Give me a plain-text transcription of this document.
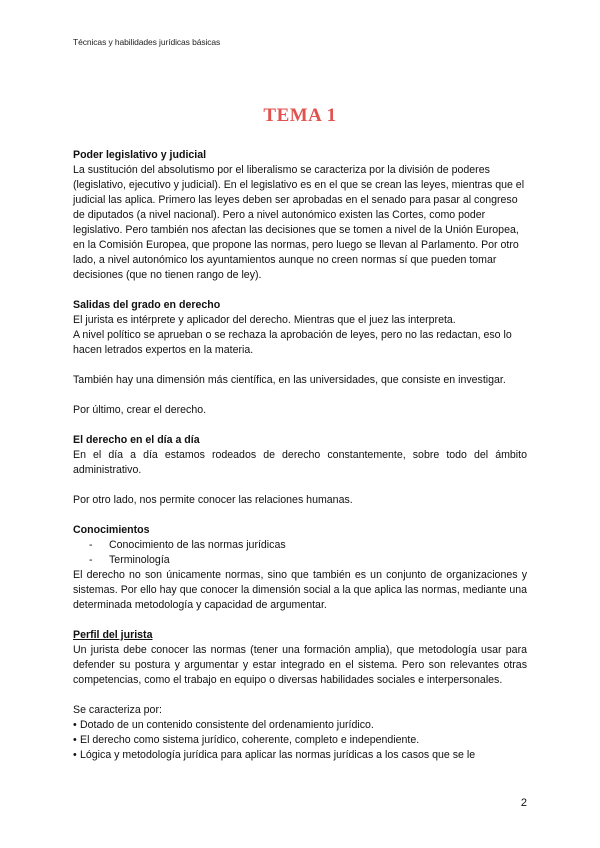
Técnicas y habilidades jurídicas básicas
TEMA 1

Poder legislativo y judicial

La sustitución del absolutismo por el liberalismo se caracteriza por la división de poderes (legislativo, ejecutivo y judicial). En el legislativo es en el que se crean las leyes, mientras que el judicial las aplica. Primero las leyes deben ser aprobadas en el senado para pasar al congreso de diputados (a nivel nacional). Pero a nivel autonómico existen las Cortes, como poder legislativo. Pero también nos afectan las decisiones que se tomen a nivel de la Unión Europea, en la Comisión Europea, que propone las normas, pero luego se llevan al Parlamento. Por otro lado, a nivel autonómico los ayuntamientos aunque no creen normas sí que pueden tomar decisiones (que no tienen rango de ley).

Salidas del grado en derecho

El jurista es intérprete y aplicador del derecho. Mientras que el juez las interpreta.

A nivel político se aprueban o se rechaza la aprobación de leyes, pero no las redactan, eso lo hacen letrados expertos en la materia.

También hay una dimensión más científica, en las universidades, que consiste en investigar.

Por último, crear el derecho.

El derecho en el día a día

En el día a día estamos rodeados de derecho constantemente, sobre todo del ámbito administrativo.

Por otro lado, nos permite conocer las relaciones humanas.

Conocimientos

- Conocimiento de las normas jurídicas
- Terminología

El derecho no son únicamente normas, sino que también es un conjunto de organizaciones y sistemas. Por ello hay que conocer la dimensión social a la que aplica las normas, mediante una determinada metodología y capacidad de argumentar.

Perfil del jurista

Un jurista debe conocer las normas (tener una formación amplia), que metodología usar para defender su postura y argumentar y estar integrado en el sistema. Pero son relevantes otras competencias, como el trabajo en equipo o diversas habilidades sociales e interpersonales.

Se caracteriza por:

• Dotado de un contenido consistente del ordenamiento jurídico.
• El derecho como sistema jurídico, coherente, completo e independiente.
• Lógica y metodología jurídica para aplicar las normas jurídicas a los casos que se le
2
